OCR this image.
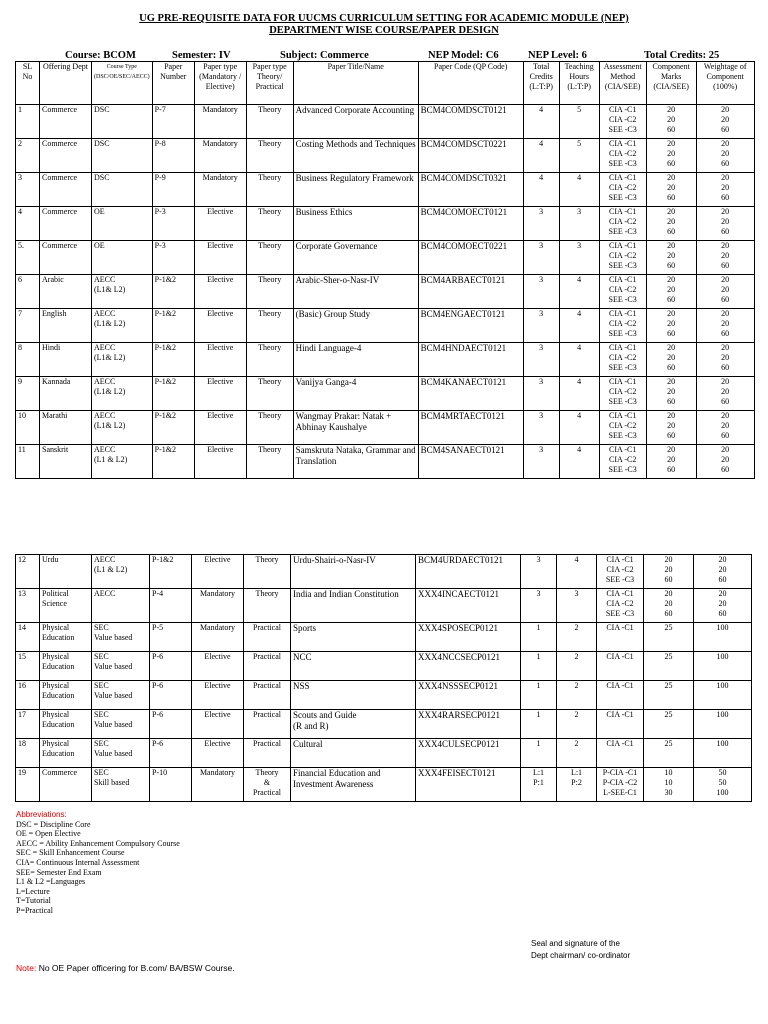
UG PRE-REQUISITE DATA FOR UUCMS CURRICULUM SETTING FOR ACADEMIC MODULE (NEP)
DEPARTMENT WISE COURSE/PAPER DESIGN
Course: BCOM	Semester: IV	Subject: Commerce	NEP Model: C6	NEP Level: 6	Total Credits: 25
SL No	Offering Dept	Course Type (DSC/OE/SEC/AECC)	Paper Number	Paper type (Mandatory / Elective)	Paper type Theory/ Practical	Paper Title/Name	Paper Code (QP Code)	Total Credits (L:T:P)	Teaching Hours (L:T:P)	Assessment Method (CIA/SEE)	Component Marks (CIA/SEE)	Weightage of Component (100%)
1	Commerce	DSC	P-7	Mandatory	Theory	Advanced Corporate Accounting	BCM4COMDSCT0121	4	5	CIA -C1
CIA -C2
SEE -C3	20
20
60	20
20
60
2	Commerce	DSC	P-8	Mandatory	Theory	Costing Methods and Techniques	BCM4COMDSCT0221	4	5	CIA -C1
CIA -C2
SEE -C3	20
20
60	20
20
60
3	Commerce	DSC	P-9	Mandatory	Theory	Business Regulatory Framework	BCM4COMDSCT0321	4	4	CIA -C1
CIA -C2
SEE -C3	20
20
60	20
20
60
4	Commerce	OE	P-3	Elective	Theory	Business Ethics	BCM4COMOECT0121	3	3	CIA -C1
CIA -C2
SEE -C3	20
20
60	20
20
60
5.	Commerce	OE	P-3	Elective	Theory	Corporate Governance	BCM4COMOECT0221	3	3	CIA -C1
CIA -C2
SEE -C3	20
20
60	20
20
60
6	Arabic	AECC
(L1& L2)	P-1&2	Elective	Theory	Arabic-Sher-o-Nasr-IV	BCM4ARBAECT0121	3	4	CIA -C1
CIA -C2
SEE -C3	20
20
60	20
20
60
7	English	AECC
(L1& L2)	P-1&2	Elective	Theory	(Basic) Group Study	BCM4ENGAECT0121	3	4	CIA -C1
CIA -C2
SEE -C3	20
20
60	20
20
60
8	Hindi	AECC
(L1& L2)	P-1&2	Elective	Theory	Hindi Language-4	BCM4HNDAECT0121	3	4	CIA -C1
CIA -C2
SEE -C3	20
20
60	20
20
60
9	Kannada	AECC
(L1& L2)	P-1&2	Elective	Theory	Vanijya Ganga-4	BCM4KANAECT0121	3	4	CIA -C1
CIA -C2
SEE -C3	20
20
60	20
20
60
10	Marathi	AECC
(L1& L2)	P-1&2	Elective	Theory	Wangmay Prakar: Natak + Abhinay Kaushalye	BCM4MRTAECT0121	3	4	CIA -C1
CIA -C2
SEE -C3	20
20
60	20
20
60
11	Sanskrit	AECC
(L1 & L2)	P-1&2	Elective	Theory	Samskruta Nataka, Grammar and Translation	BCM4SANAECT0121	3	4	CIA -C1
CIA -C2
SEE -C3	20
20
60	20
20
60
12	Urdu	AECC
(L1 & L2)	P-1&2	Elective	Theory	Urdu-Shairi-o-Nasr-IV	BCM4URDAECT0121	3	4	CIA -C1
CIA -C2
SEE -C3	20
20
60	20
20
60
13	Political Science	AECC	P-4	Mandatory	Theory	India and Indian Constitution	XXX4INCAECT0121	3	3	CIA -C1
CIA -C2
SEE -C3	20
20
60	20
20
60
14	Physical Education	SEC
Value based	P-5	Mandatory	Practical	Sports	XXX4SPOSECP0121	1	2	CIA -C1	25	100
15	Physical Education	SEC
Value based	P-6	Elective	Practical	NCC	XXX4NCCSECP0121	1	2	CIA -C1	25	100
16	Physical Education	SEC
Value based	P-6	Elective	Practical	NSS	XXX4NSSSECP0121	1	2	CIA -C1	25	100
17	Physical Education	SEC
Value based	P-6	Elective	Practical	Scouts and Guide
(R and R)	XXX4RARSECP0121	1	2	CIA -C1	25	100
18	Physical Education	SEC
Value based	P-6	Elective	Practical	Cultural	XXX4CULSECP0121	1	2	CIA -C1	25	100
19	Commerce	SEC
Skill based	P-10	Mandatory	Theory
&
Practical	Financial Education and Investment Awareness	XXX4FEISECT0121	L:1
P:1	L:1
P:2	P-CIA -C1
P-CIA -C2
L-SEE-C1	10
10
30	50
50
100
Abbreviations:
DSC = Discipline Core
OE = Open Elective
AECC = Ability Enhancement Compulsory Course
SEC = Skill Enhancement Course
CIA= Continuous Internal Assessment
SEE= Semester End Exam
L1 & L2 =Languages
L=Lecture
T=Tutorial
P=Practical
Seal and signature of the
Dept chairman/ co-ordinator
Note: No OE Paper officering for B.com/ BA/BSW Course.
